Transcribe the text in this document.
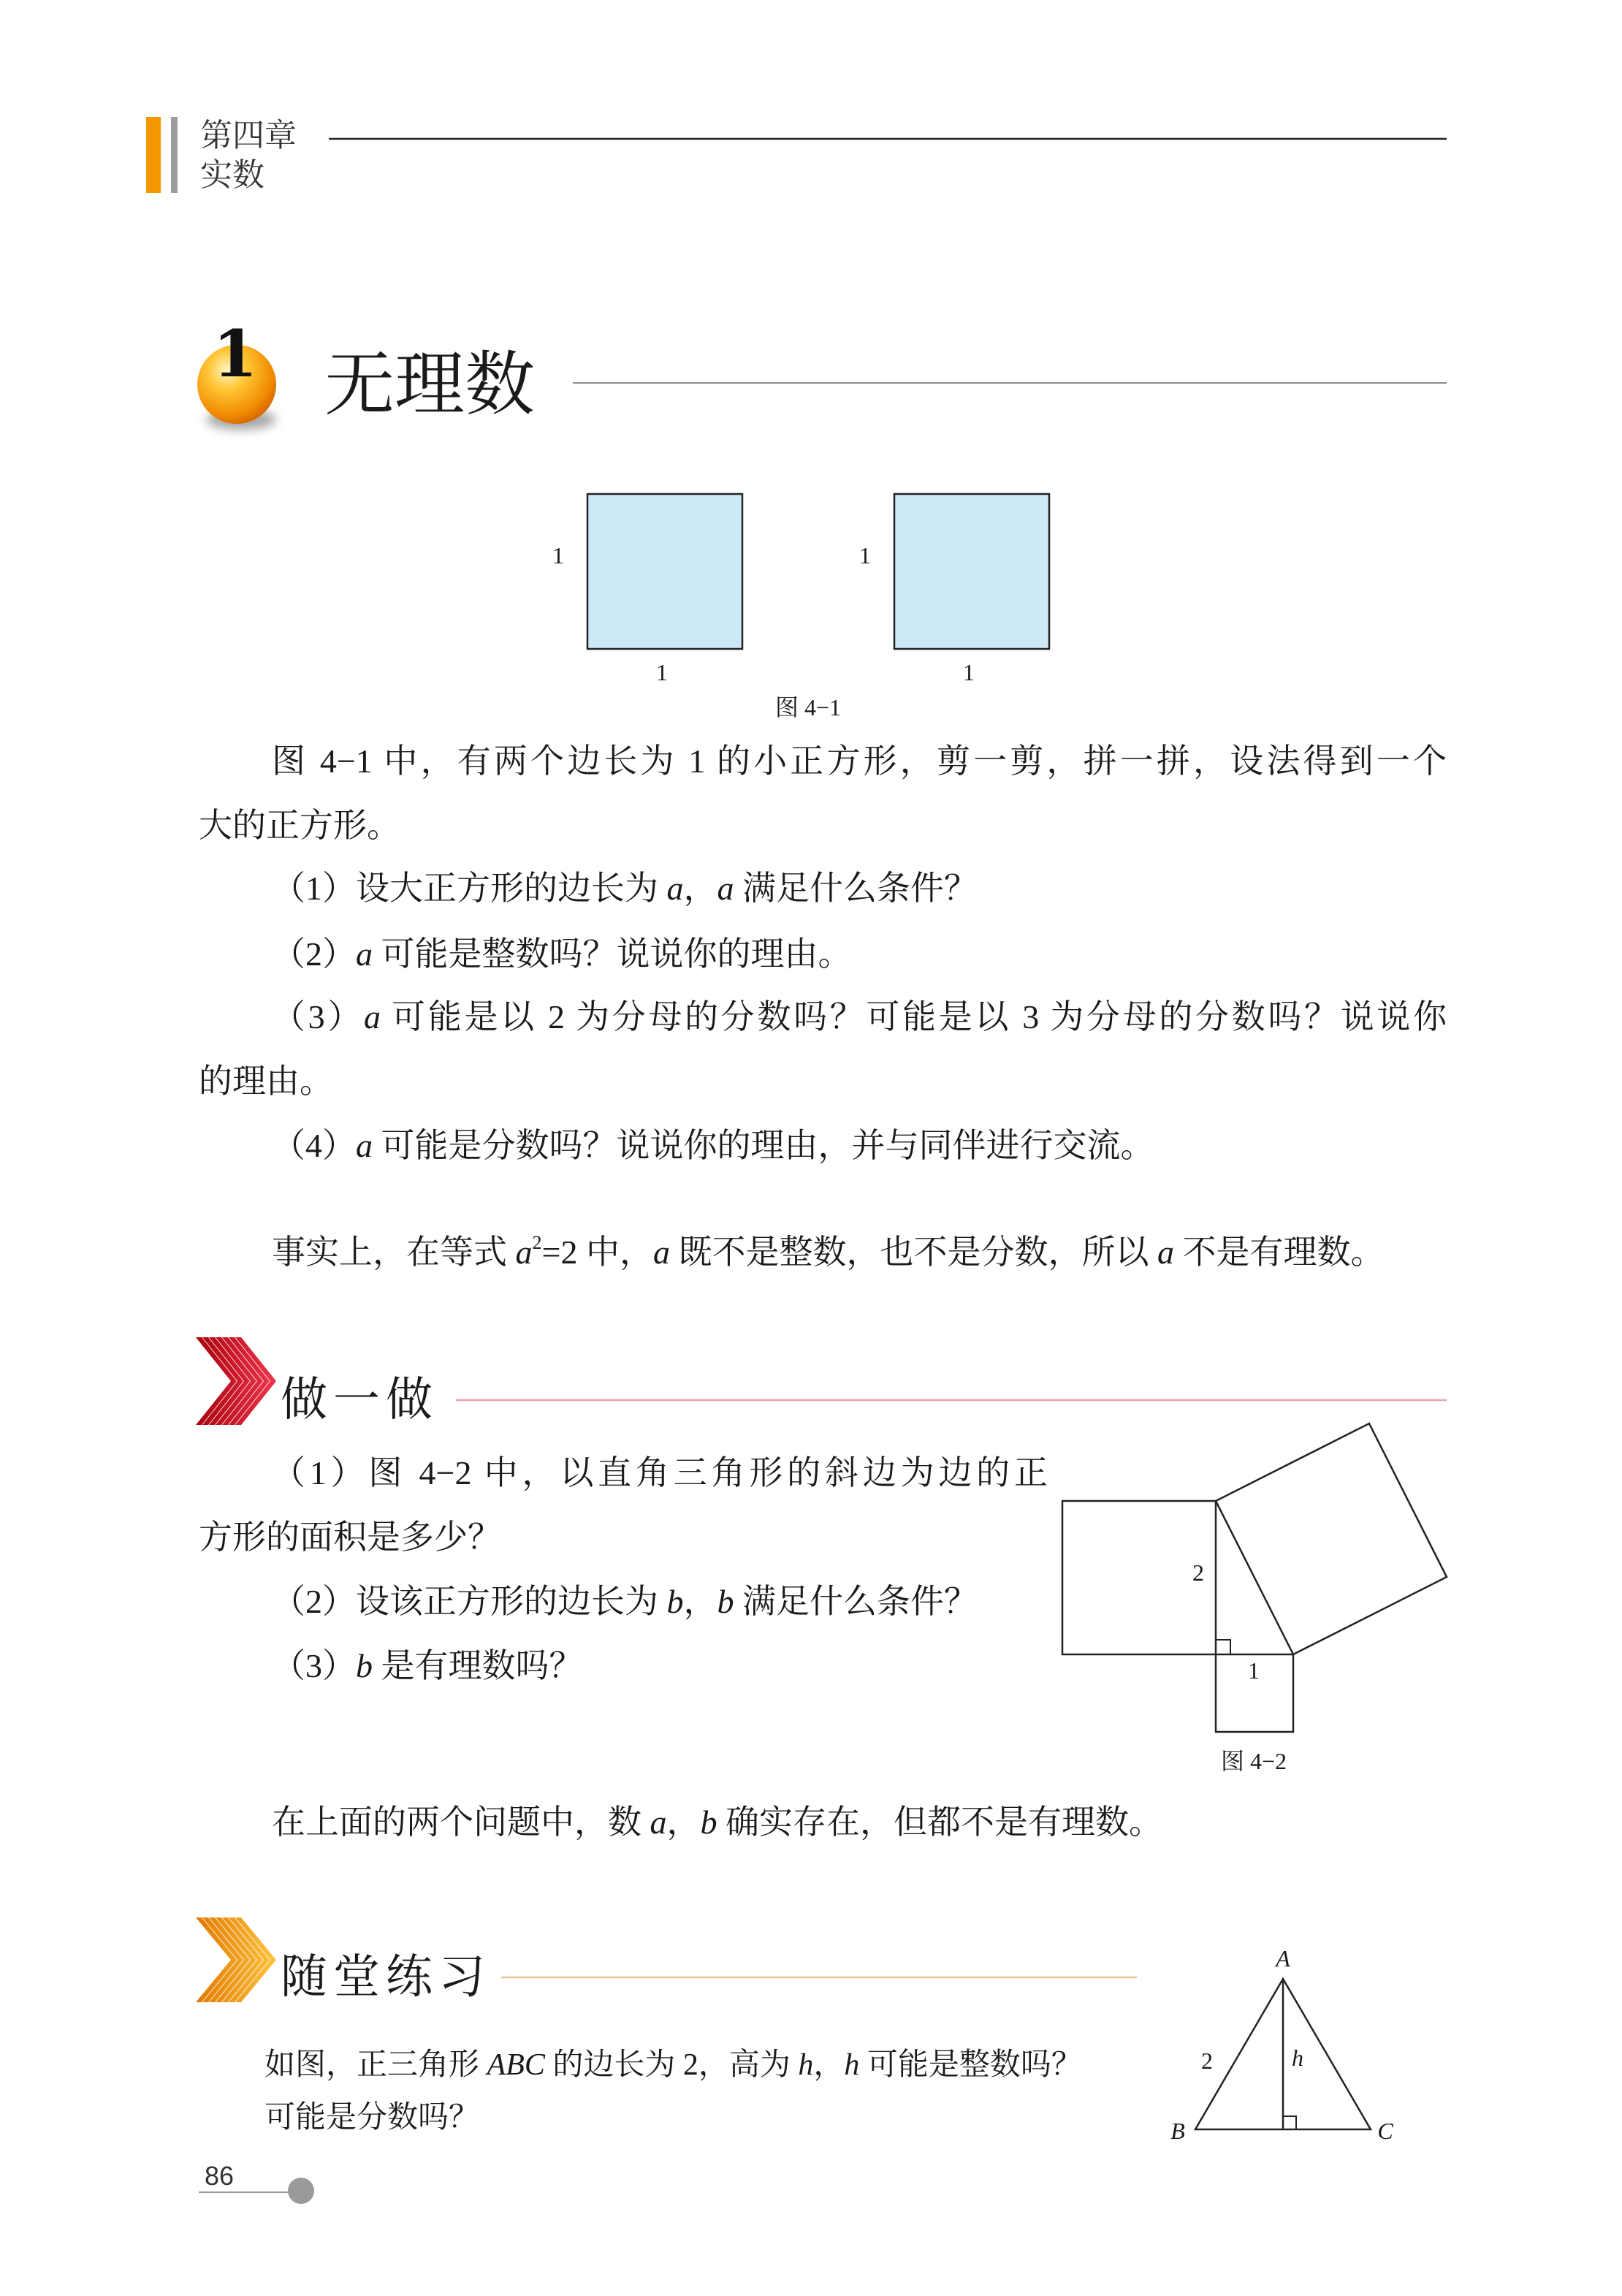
1
1
1
1
图 4−1
2
1
图 4−2
A
B	C
2	h
第四章
实数
1 无理数
图 4−1 中，有两个边长为 1 的小正方形，剪一剪，拼一拼，设法得到一个
大的正方形。
（1）设大正方形的边长为 a，a 满足什么条件？
（2）a 可能是整数吗？说说你的理由。
（3）a 可能是以 2 为分母的分数吗？可能是以 3 为分母的分数吗？说说你
的理由。
（4）a 可能是分数吗？说说你的理由，并与同伴进行交流。
事实上，在等式 $a^2=2$ 中，a 既不是整数，也不是分数，所以 a 不是有理数。
做一做
（1）图 4−2 中，以直角三角形的斜边为边的正
方形的面积是多少？
（2）设该正方形的边长为 b，b 满足什么条件？
（3）b 是有理数吗？
在上面的两个问题中，数 a，b 确实存在，但都不是有理数。
随堂练习
如图，正三角形 ABC 的边长为 2，高为 h，h 可能是整数吗？
可能是分数吗？
86
